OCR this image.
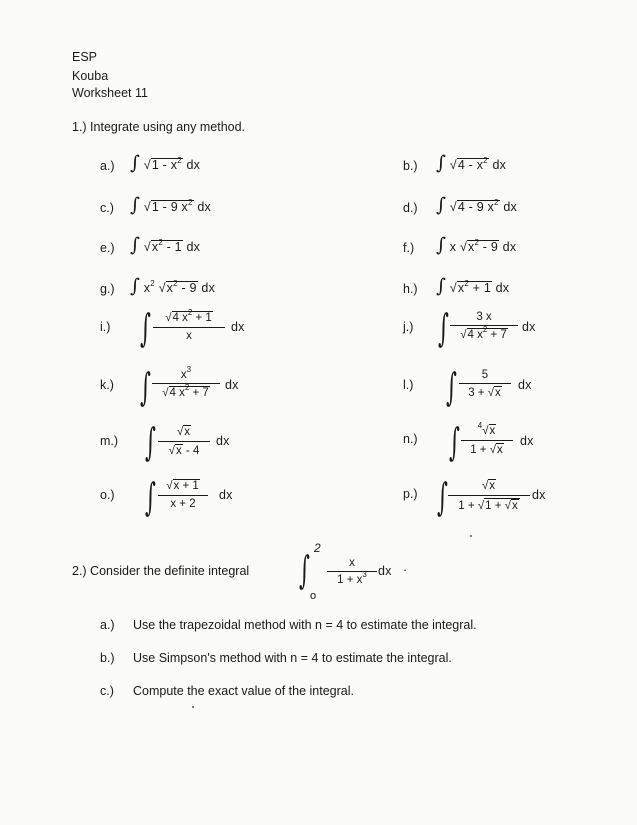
ESP
Kouba
Worksheet 11
1.) Integrate using any method.
a.) ∫ $√1 - x^2$ dx	b.) ∫ $√4 - x^2$ dx
c.) ∫ √1 - 9 $x^2$ dx	d.) ∫ √4 - 9 $x^2$ dx
e.) ∫ $√x^2 - 1$ dx	f.) ∫ x $√x^2 - 9$ dx
g.) ∫ $x^2$ $√x^2 - 9$ dx	h.) ∫ $√x^2 + 1$ dx
i.) ∫ √4 $x^2 + 1$
x
dx	j.) ∫ 3 x
√4 $x^2 + 7$
dx
k.) ∫	$x^3$
√4 $x^2 + 7$
dx	l.) ∫ 5
3 + √x
dx
m.) ∫ √x
√x - 4
dx	n.) ∫ $^4$√x
1 + √x
dx
o.) ∫ √x + 1
x + 2
dx	p.) ∫	√x
1 + √1 + √x
dx
2.) Consider the definite integral
2
∫
o
x
$1 + x^3$ dx ·
a.) Use the trapezoidal method with n = 4 to estimate the integral.
b.) Use Simpson's method with n = 4 to estimate the integral.
c.) Compute the exact value of the integral.
